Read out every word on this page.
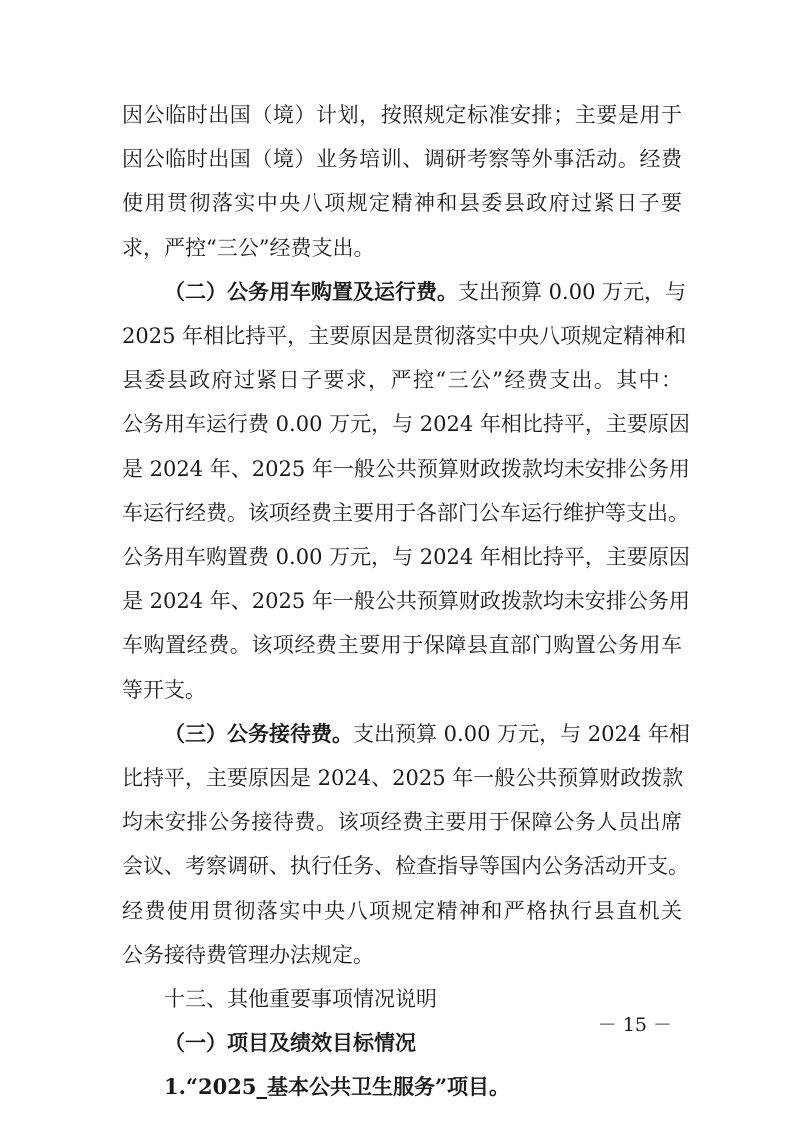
因公临时出国（境）计划，按照规定标准安排；主要是用于
因公临时出国（境）业务培训、调研考察等外事活动。经费
使用贯彻落实中央八项规定精神和县委县政府过紧日子要
求，严控“三公”经费支出。
（二）公务用车购置及运行费。支出预算 0.00 万元，与
2025 年相比持平，主要原因是贯彻落实中央八项规定精神和
县委县政府过紧日子要求，严控“三公”经费支出。其中：
公务用车运行费 0.00 万元，与 2024 年相比持平，主要原因
是 2024 年、2025 年一般公共预算财政拨款均未安排公务用
车运行经费。该项经费主要用于各部门公车运行维护等支出。
公务用车购置费 0.00 万元，与 2024 年相比持平，主要原因
是 2024 年、2025 年一般公共预算财政拨款均未安排公务用
车购置经费。该项经费主要用于保障县直部门购置公务用车
等开支。
（三）公务接待费。支出预算 0.00 万元，与 2024 年相
比持平，主要原因是 2024、2025 年一般公共预算财政拨款
均未安排公务接待费。该项经费主要用于保障公务人员出席
会议、考察调研、执行任务、检查指导等国内公务活动开支。
经费使用贯彻落实中央八项规定精神和严格执行县直机关
公务接待费管理办法规定。
十三、其他重要事项情况说明
（一）项目及绩效目标情况
1.“2025_基本公共卫生服务”项目。
－ 15 －
